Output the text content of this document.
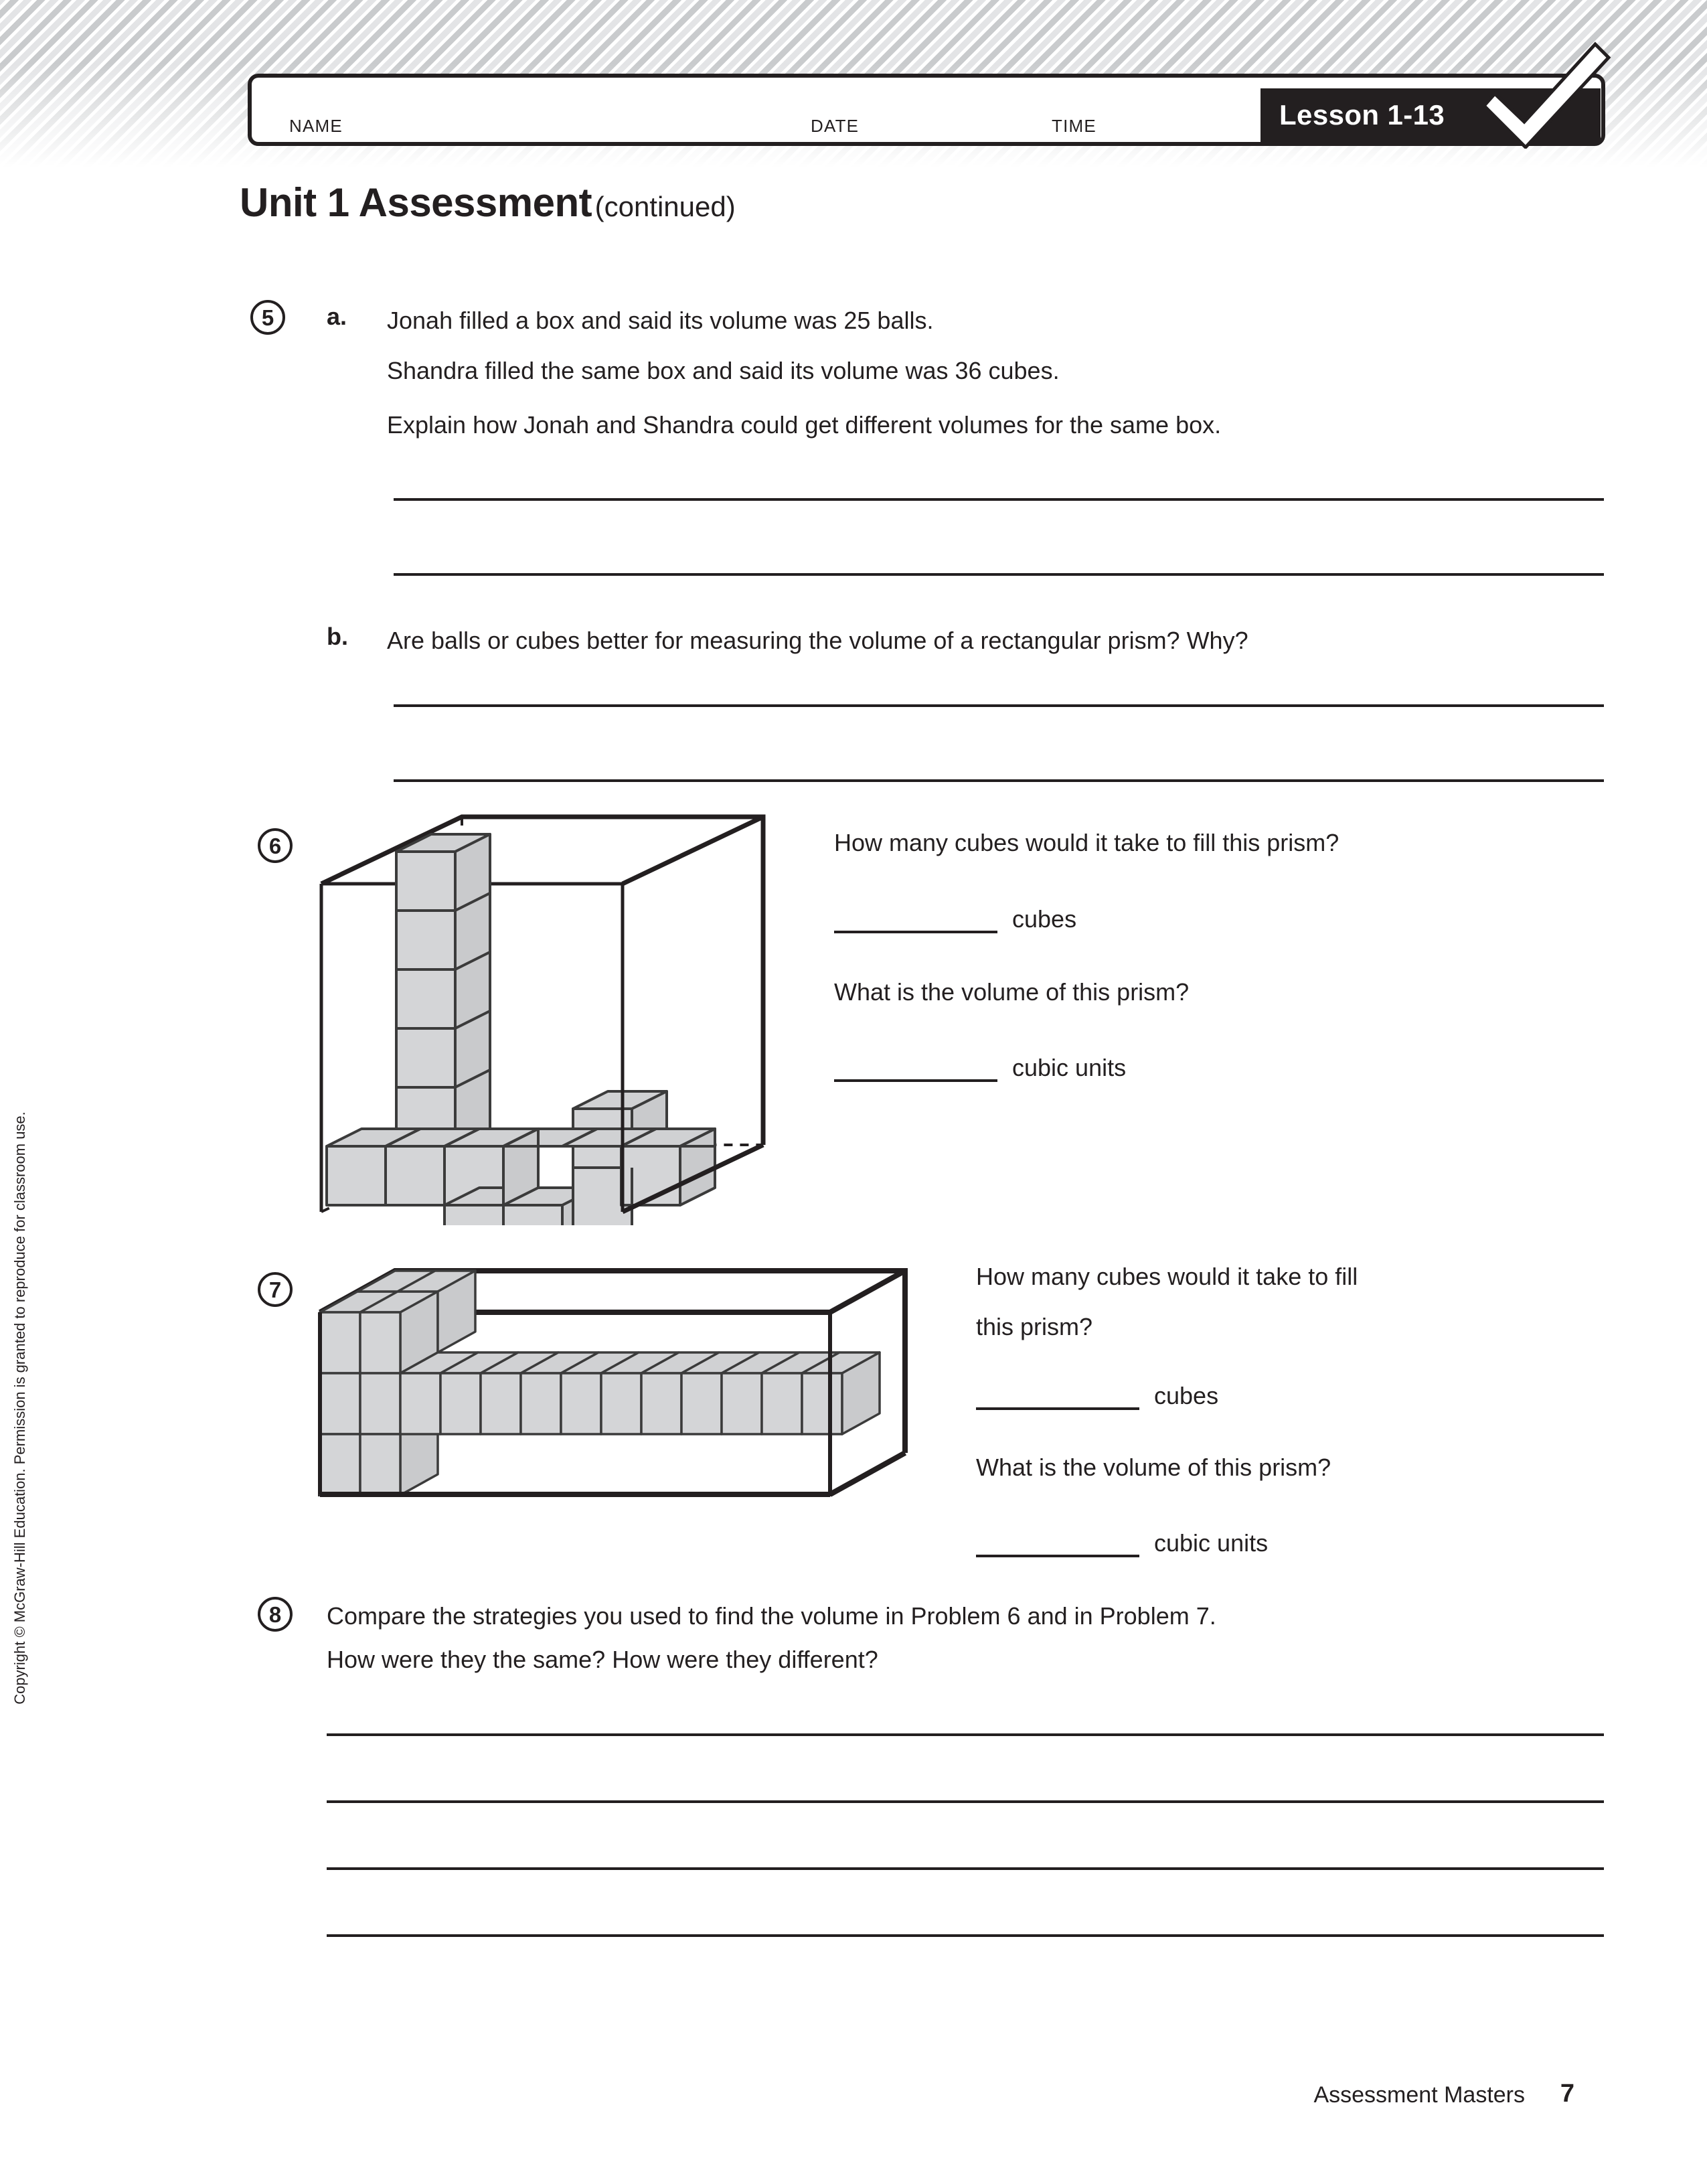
NAME	DATE	TIME	Lesson 1-13
Unit 1 Assessment (continued)
5	a. Jonah filled a box and said its volume was 25 balls.
Shandra filled the same box and said its volume was 36 cubes.
Explain how Jonah and Shandra could get different volumes for the same box.
b. Are balls or cubes better for measuring the volume of a rectangular prism? Why?
6	How many cubes would it take to fill this prism?
cubes
What is the volume of this prism?
cubic units
7	How many cubes would it take to fill
this prism?
cubes
What is the volume of this prism?
cubic units
8	Compare the strategies you used to find the volume in Problem 6 and in Problem 7.
How were they the same? How were they different?
Copyright © McGraw-Hill Education. Permission is granted to reproduce for classroom use.
Assessment Masters 7
